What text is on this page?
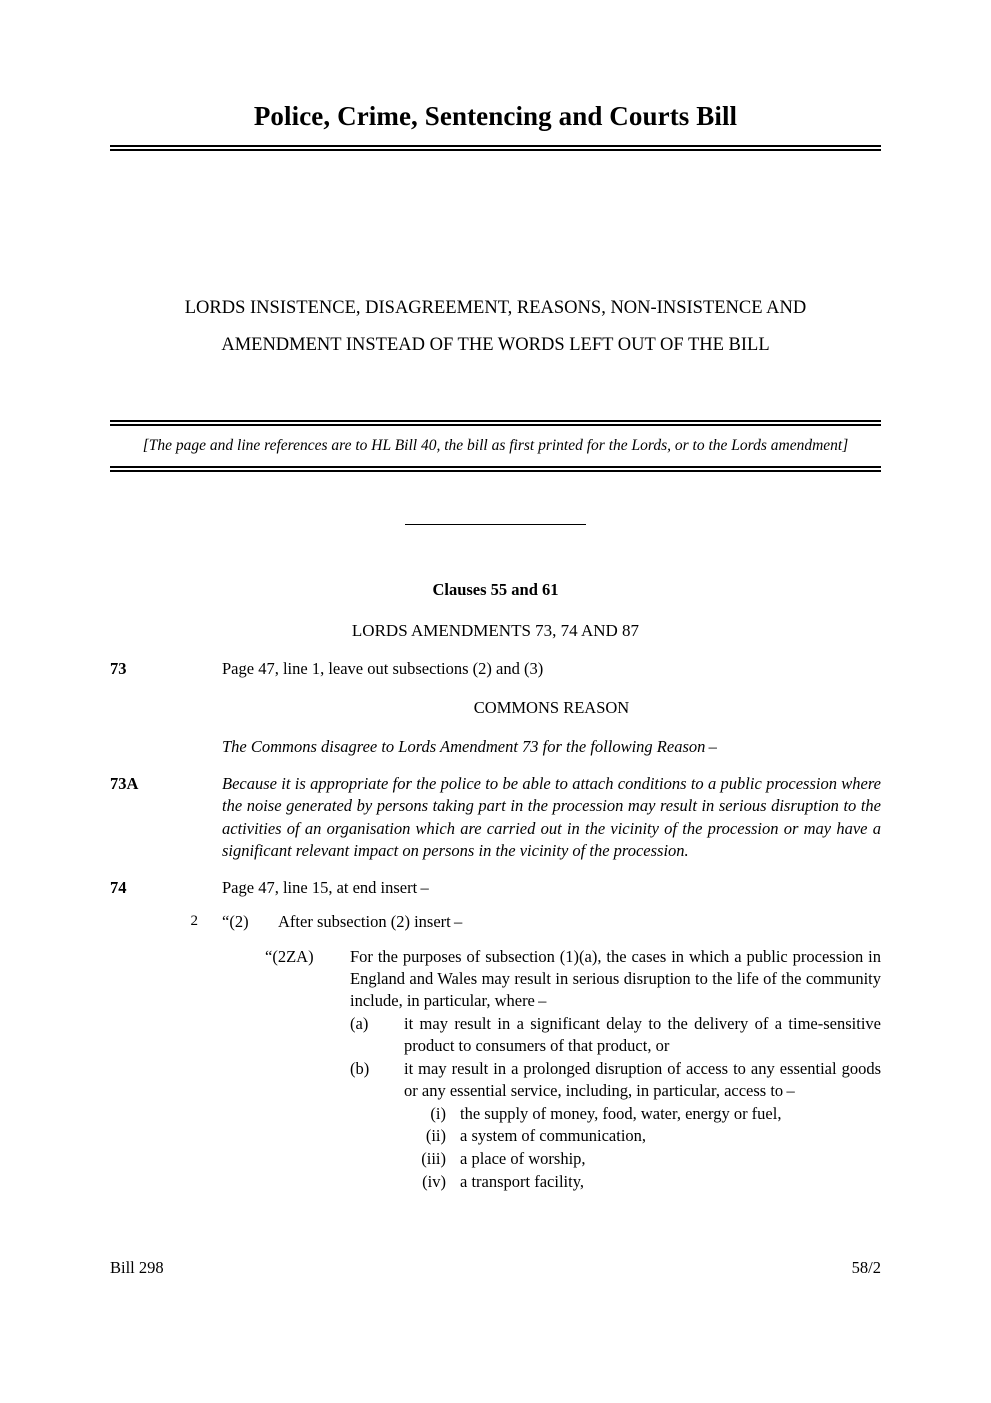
Police, Crime, Sentencing and Courts Bill
LORDS INSISTENCE, DISAGREEMENT, REASONS, NON-INSISTENCE AND
AMENDMENT INSTEAD OF THE WORDS LEFT OUT OF THE BILL
[The page and line references are to HL Bill 40, the bill as first printed for the Lords, or to the Lords amendment]
Clauses 55 and 61
LORDS AMENDMENTS 73, 74 AND 87
73	Page 47, line 1, leave out subsections (2) and (3)
COMMONS REASON
The Commons disagree to Lords Amendment 73 for the following Reason –
73A	Because it is appropriate for the police to be able to attach conditions to a public procession where the noise generated by persons taking part in the procession may result in serious disruption to the activities of an organisation which are carried out in the vicinity of the procession or may have a significant relevant impact on persons in the vicinity of the procession.
74	Page 47, line 15, at end insert –
2 “(2)	After subsection (2) insert –
“(2ZA)	For the purposes of subsection (1)(a), the cases in which a public procession in England and Wales may result in serious disruption to the life of the community include, in particular, where –
(a)	it may result in a significant delay to the delivery of a time-sensitive product to consumers of that product, or
(b)	it may result in a prolonged disruption of access to any essential goods or any essential service, including, in particular, access to –
(i) the supply of money, food, water, energy or fuel,
(ii) a system of communication,
(iii) a place of worship,
(iv) a transport facility,
Bill 298	58/2
